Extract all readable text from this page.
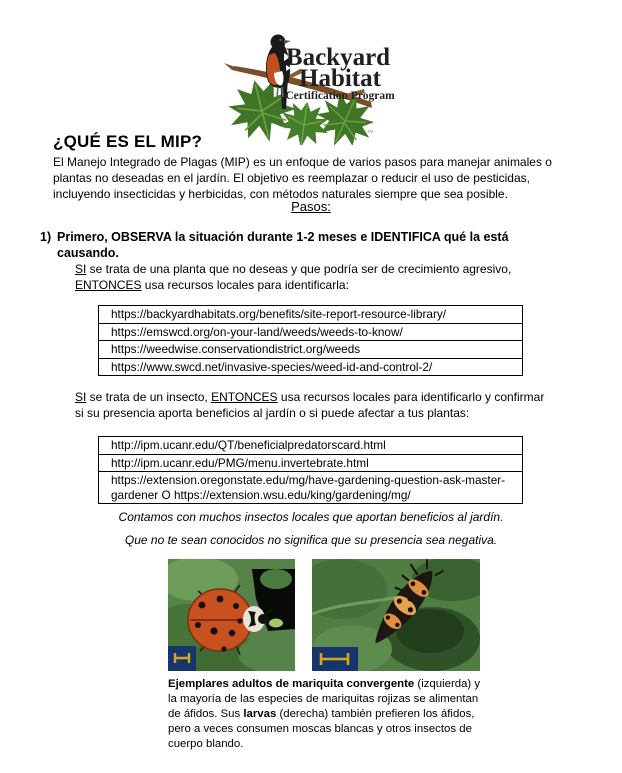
Backyard
Habitat
Certification Program
TM
¿QUÉ ES EL MIP?
El Manejo Integrado de Plagas (MIP) es un enfoque de varios pasos para manejar animales o plantas no deseadas en el jardín. El objetivo es reemplazar o reducir el uso de pesticidas, incluyendo insecticidas y herbicidas, con métodos naturales siempre que sea posible.
Pasos:
1) Primero, OBSERVA la situación durante 1-2 meses e IDENTIFICA qué la está causando.
SI se trata de una planta que no deseas y que podría ser de crecimiento agresivo, ENTONCES usa recursos locales para identificarla:
https://backyardhabitats.org/benefits/site-report-resource-library/
https://emswcd.org/on-your-land/weeds/weeds-to-know/
https://weedwise.conservationdistrict.org/weeds
https://www.swcd.net/invasive-species/weed-id-and-control-2/
SI se trata de un insecto, ENTONCES usa recursos locales para identificarlo y confirmar si su presencia aporta beneficios al jardín o si puede afectar a tus plantas:
http://ipm.ucanr.edu/QT/beneficialpredatorscard.html
http://ipm.ucanr.edu/PMG/menu.invertebrate.html
https://extension.oregonstate.edu/mg/have-gardening-question-ask-master-gardener O https://extension.wsu.edu/king/gardening/mg/
Contamos con muchos insectos locales que aportan beneficios al jardín.
Que no te sean conocidos no significa que su presencia sea negativa.
Ejemplares adultos de mariquita convergente (izquierda) y la mayoría de las especies de mariquitas rojizas se alimentan de áfidos. Sus larvas (derecha) también prefieren los áfidos, pero a veces consumen moscas blancas y otros insectos de cuerpo blando.
